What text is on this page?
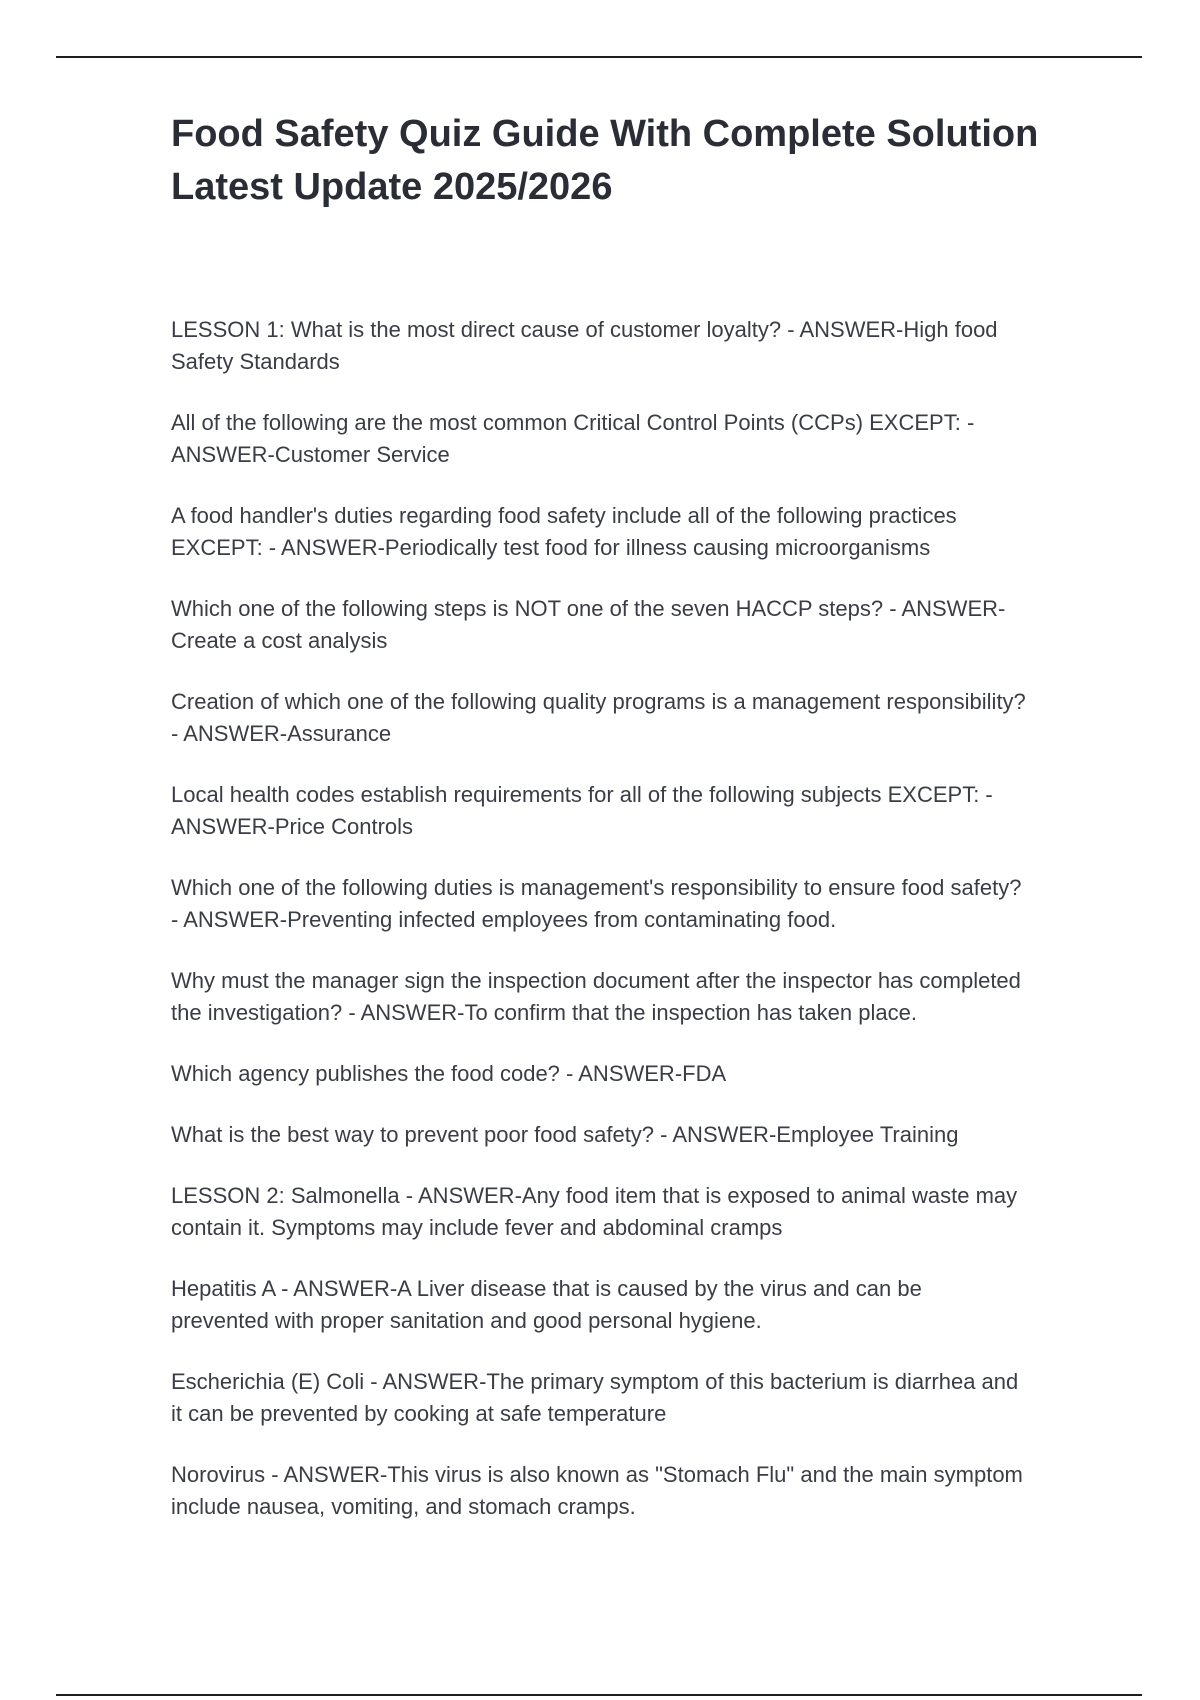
Food Safety Quiz Guide With Complete Solution
Latest Update 2025/2026

LESSON 1: What is the most direct cause of customer loyalty? - ANSWER-High food
Safety Standards

All of the following are the most common Critical Control Points (CCPs) EXCEPT: -
ANSWER-Customer Service

A food handler's duties regarding food safety include all of the following practices
EXCEPT: - ANSWER-Periodically test food for illness causing microorganisms

Which one of the following steps is NOT one of the seven HACCP steps? - ANSWER-
Create a cost analysis

Creation of which one of the following quality programs is a management responsibility?
- ANSWER-Assurance

Local health codes establish requirements for all of the following subjects EXCEPT: -
ANSWER-Price Controls

Which one of the following duties is management's responsibility to ensure food safety?
- ANSWER-Preventing infected employees from contaminating food.

Why must the manager sign the inspection document after the inspector has completed
the investigation? - ANSWER-To confirm that the inspection has taken place.

Which agency publishes the food code? - ANSWER-FDA

What is the best way to prevent poor food safety? - ANSWER-Employee Training

LESSON 2: Salmonella - ANSWER-Any food item that is exposed to animal waste may
contain it. Symptoms may include fever and abdominal cramps

Hepatitis A - ANSWER-A Liver disease that is caused by the virus and can be
prevented with proper sanitation and good personal hygiene.

Escherichia (E) Coli - ANSWER-The primary symptom of this bacterium is diarrhea and
it can be prevented by cooking at safe temperature

Norovirus - ANSWER-This virus is also known as "Stomach Flu" and the main symptom
include nausea, vomiting, and stomach cramps.
